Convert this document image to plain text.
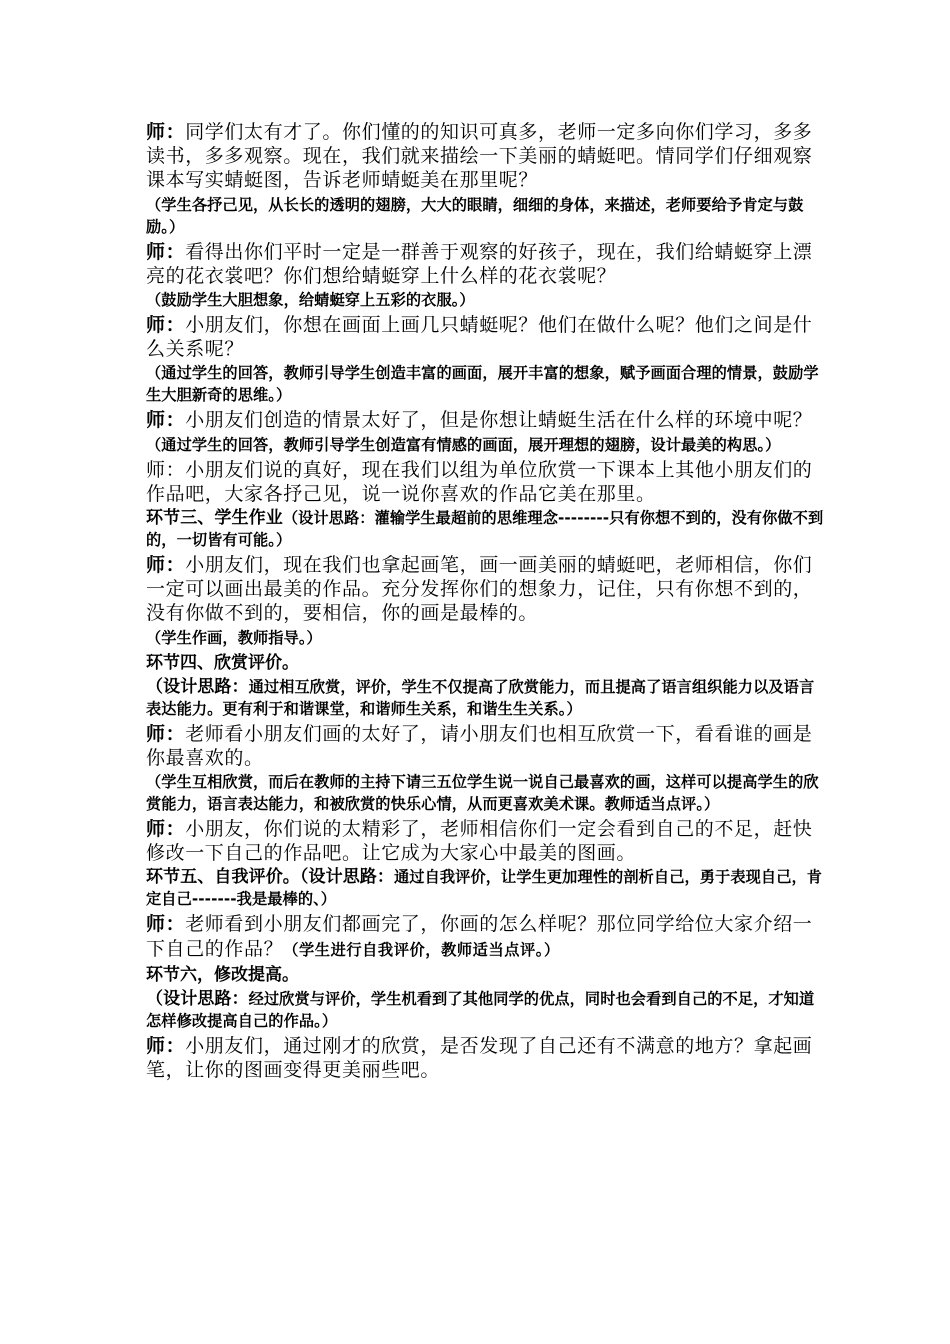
师：同学们太有才了。你们懂的的知识可真多，老师一定多向你们学习，多多读书，多多观察。现在，我们就来描绘一下美丽的蜻蜓吧。情同学们仔细观察课本写实蜻蜓图，告诉老师蜻蜓美在那里呢？

（学生各抒己见，从长长的透明的翅膀，大大的眼睛，细细的身体，来描述，老师要给予肯定与鼓励。）

师：看得出你们平时一定是一群善于观察的好孩子，现在，我们给蜻蜓穿上漂亮的花衣裳吧？你们想给蜻蜓穿上什么样的花衣裳呢？

（鼓励学生大胆想象，给蜻蜓穿上五彩的衣服。）

师：小朋友们，你想在画面上画几只蜻蜓呢？他们在做什么呢？他们之间是什么关系呢？

（通过学生的回答，教师引导学生创造丰富的画面，展开丰富的想象，赋予画面合理的情景，鼓励学生大胆新奇的思维。）

师：小朋友们创造的情景太好了，但是你想让蜻蜓生活在什么样的环境中呢？

（通过学生的回答，教师引导学生创造富有情感的画面，展开理想的翅膀，设计最美的构思。）

师：小朋友们说的真好，现在我们以组为单位欣赏一下课本上其他小朋友们的作品吧，大家各抒己见，说一说你喜欢的作品它美在那里。

环节三、学生作业（设计思路：灌输学生最超前的思维理念--------只有你想不到的，没有你做不到的，一切皆有可能。）

师：小朋友们，现在我们也拿起画笔，画一画美丽的蜻蜓吧，老师相信，你们一定可以画出最美的作品。充分发挥你们的想象力，记住，只有你想不到的，没有你做不到的，要相信，你的画是最棒的。

（学生作画，教师指导。）

环节四、欣赏评价。

（设计思路：通过相互欣赏，评价，学生不仅提高了欣赏能力，而且提高了语言组织能力以及语言表达能力。更有利于和谐课堂，和谐师生关系，和谐生生关系。）

师：老师看小朋友们画的太好了，请小朋友们也相互欣赏一下，看看谁的画是你最喜欢的。

（学生互相欣赏，而后在教师的主持下请三五位学生说一说自己最喜欢的画，这样可以提高学生的欣赏能力，语言表达能力，和被欣赏的快乐心情，从而更喜欢美术课。教师适当点评。）

师：小朋友，你们说的太精彩了，老师相信你们一定会看到自己的不足，赶快修改一下自己的作品吧。让它成为大家心中最美的图画。

环节五、自我评价。（设计思路：通过自我评价，让学生更加理性的剖析自己，勇于表现自己，肯定自己-------我是最棒的、）

师：老师看到小朋友们都画完了，你画的怎么样呢？那位同学给位大家介绍一下自己的作品？（学生进行自我评价，教师适当点评。）

环节六，修改提高。

（设计思路：经过欣赏与评价，学生机看到了其他同学的优点，同时也会看到自己的不足，才知道怎样修改提高自己的作品。）

师：小朋友们，通过刚才的欣赏，是否发现了自己还有不满意的地方？拿起画笔，让你的图画变得更美丽些吧。
